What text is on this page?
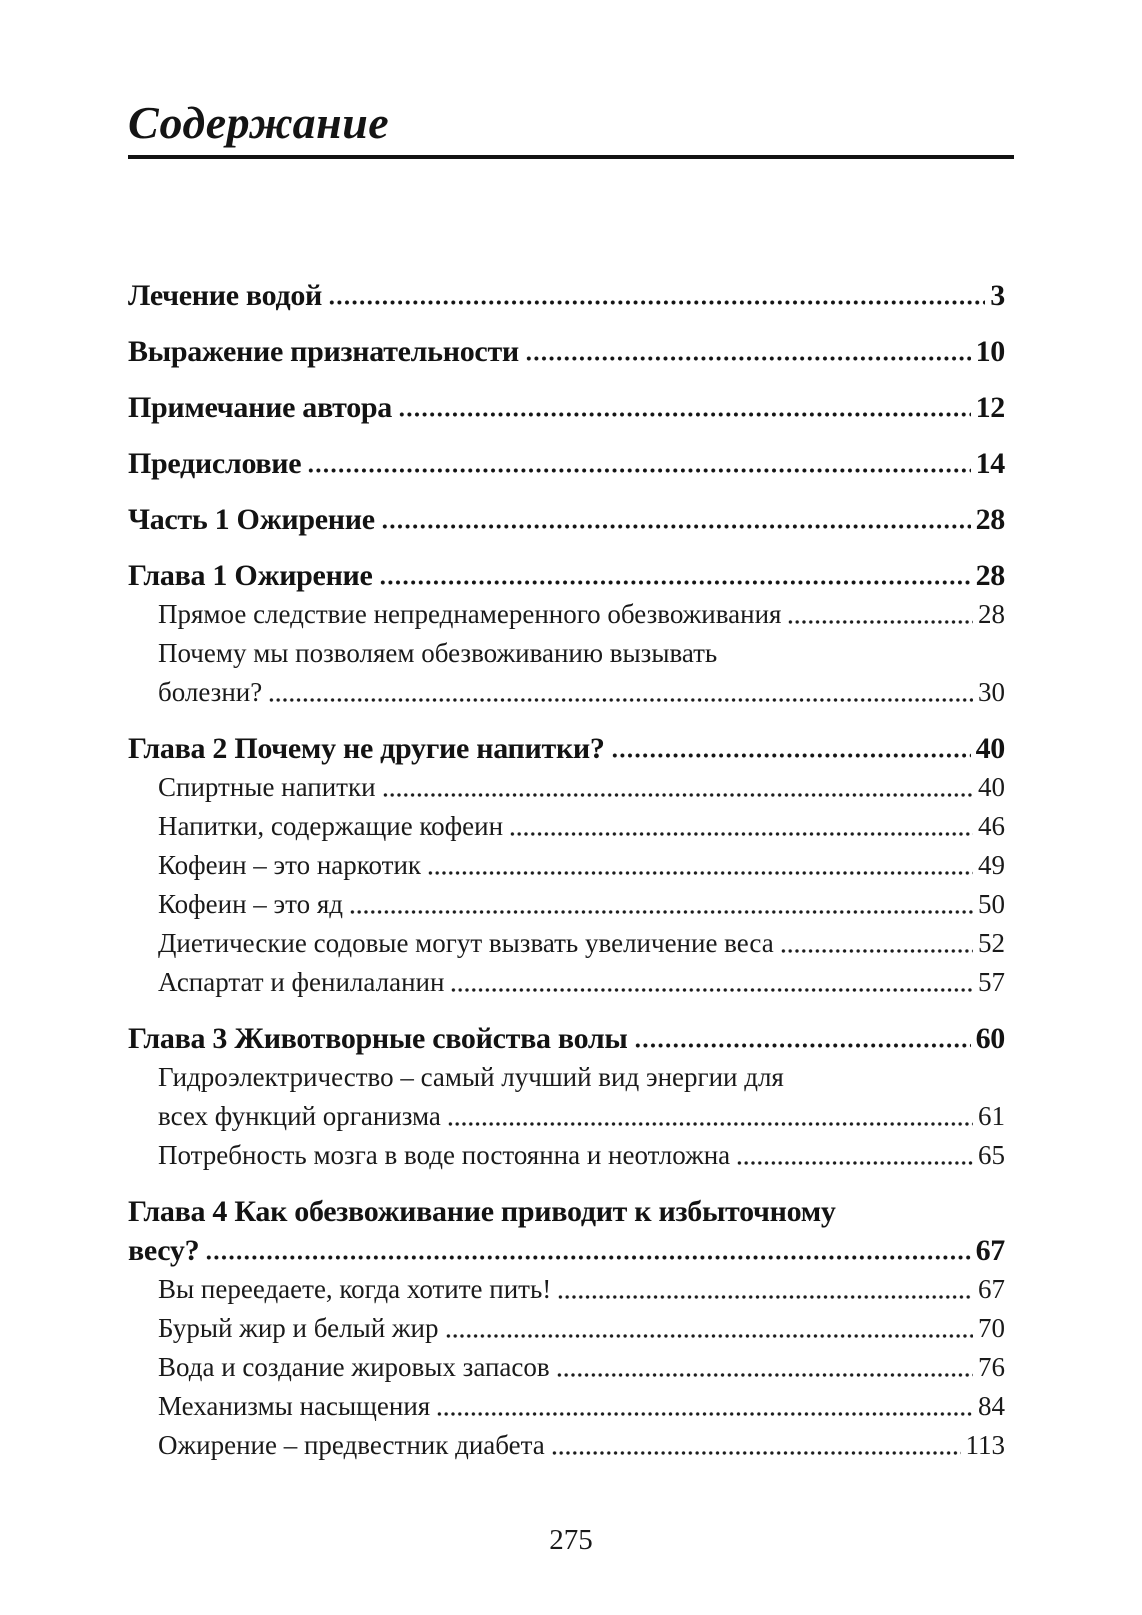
Содержание
Лечение водой	3
Выражение признательности	10
Примечание автора	12
Предисловие	14
Часть 1 Ожирение	28
Глава 1 Ожирение	28
Прямое следствие непреднамеренного обезвоживания	28
Почему мы позволяем обезвоживанию вызывать
болезни?	30
Глава 2 Почему не другие напитки?	40
Спиртные напитки	40
Напитки, содержащие кофеин	46
Кофеин – это наркотик	49
Кофеин – это яд	50
Диетические содовые могут вызвать увеличение веса	52
Аспартат и фенилаланин	57
Глава 3 Животворные свойства волы	60
Гидроэлектричество – самый лучший вид энергии для
всех функций организма	61
Потребность мозга в воде постоянна и неотложна	65
Глава 4 Как обезвоживание приводит к избыточному
весу?	67
Вы переедаете, когда хотите пить!	67
Бурый жир и белый жир	70
Вода и создание жировых запасов	76
Механизмы насыщения	84
Ожирение – предвестник диабета	113
275
